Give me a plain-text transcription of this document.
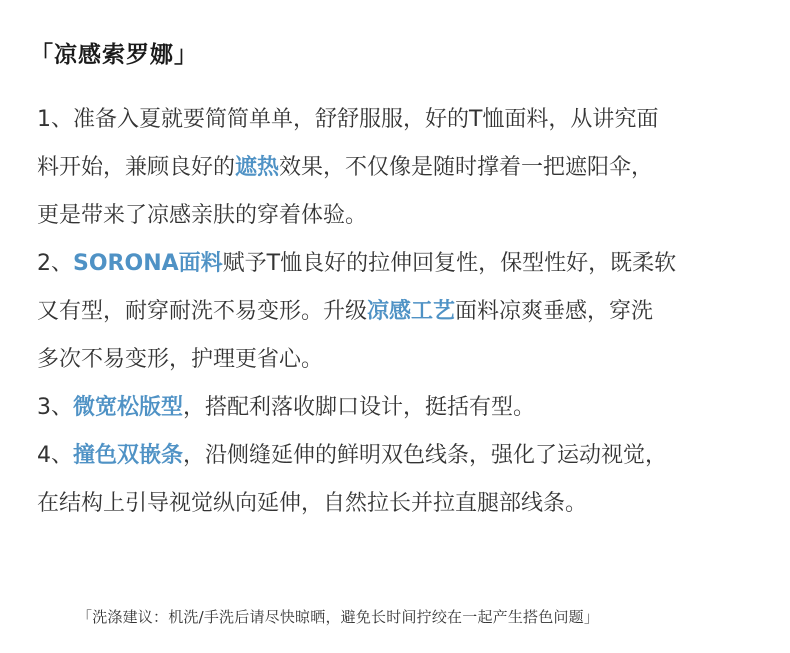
「凉感索罗娜」
1、准备入夏就要简简单单，舒舒服服，好的T恤面料，从讲究面
料开始，兼顾良好的遮热效果，不仅像是随时撑着一把遮阳伞，
更是带来了凉感亲肤的穿着体验。
2、SORONA面料赋予T恤良好的拉伸回复性，保型性好，既柔软
又有型，耐穿耐洗不易变形。升级凉感工艺面料凉爽垂感，穿洗
多次不易变形，护理更省心。
3、微宽松版型，搭配利落收脚口设计，挺括有型。
4、撞色双嵌条，沿侧缝延伸的鲜明双色线条，强化了运动视觉，
在结构上引导视觉纵向延伸，自然拉长并拉直腿部线条。
「洗涤建议：机洗/手洗后请尽快晾晒，避免长时间拧绞在一起产生搭色问题」
